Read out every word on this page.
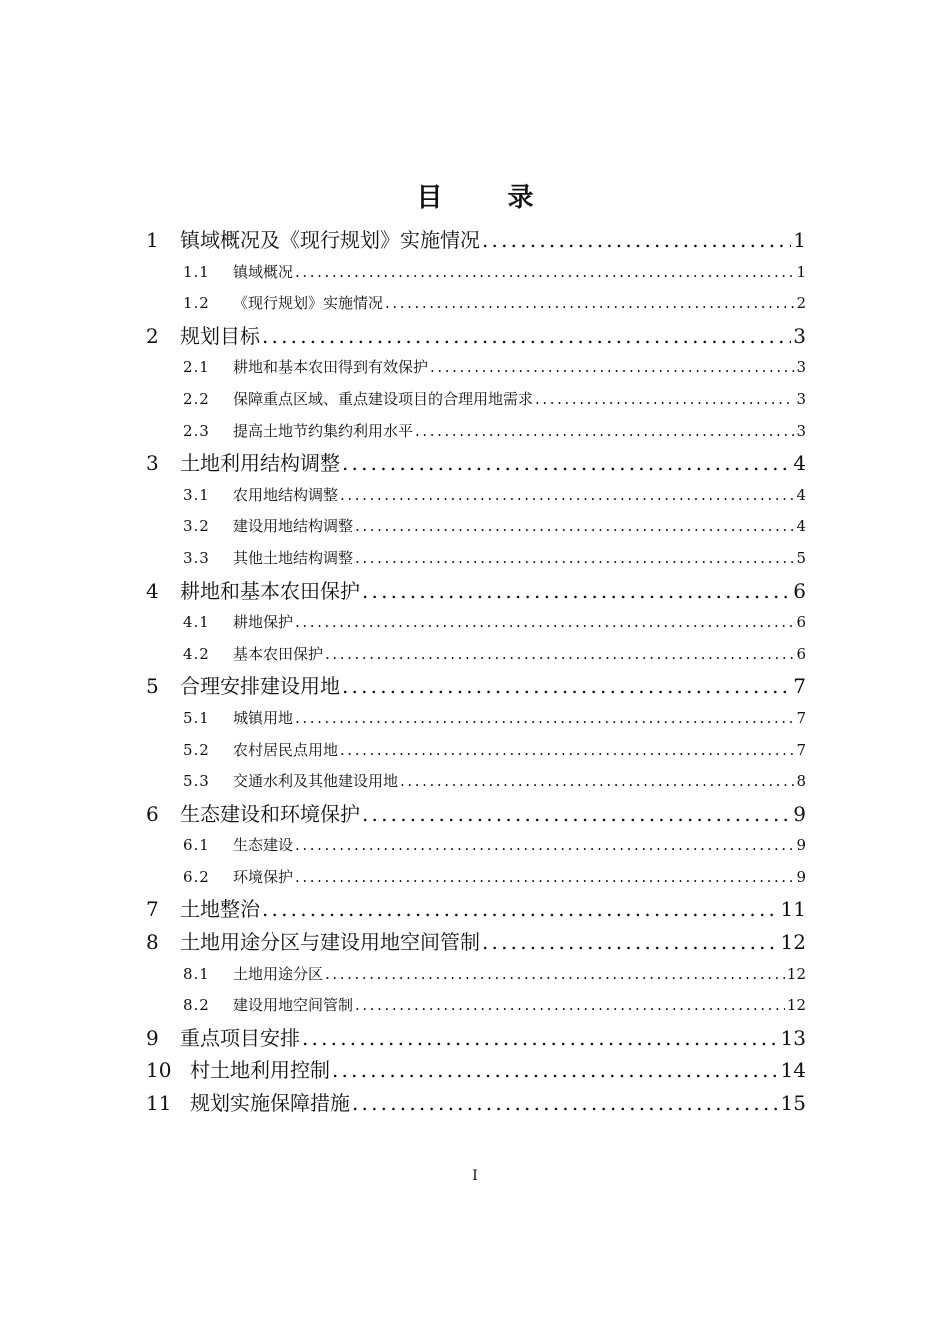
目 录
1	镇域概况及《现行规划》实施情况 .....	1
1.1	镇域概况 .....	1
1.2	《现行规划》实施情况 .....	2
2	规划目标 .....	3
2.1	耕地和基本农田得到有效保护 .....	3
2.2	保障重点区域、重点建设项目的合理用地需求 .....	3
2.3	提高土地节约集约利用水平 .....	3
3	土地利用结构调整 .....	4
3.1	农用地结构调整 .....	4
3.2	建设用地结构调整 .....	4
3.3	其他土地结构调整 .....	5
4	耕地和基本农田保护 .....	6
4.1	耕地保护 .....	6
4.2	基本农田保护 .....	6
5	合理安排建设用地 .....	7
5.1	城镇用地 .....	7
5.2	农村居民点用地 .....	7
5.3	交通水利及其他建设用地 .....	8
6	生态建设和环境保护 .....	9
6.1	生态建设 .....	9
6.2	环境保护 .....	9
7	土地整治 .....	11
8	土地用途分区与建设用地空间管制 .....	12
8.1	土地用途分区 .....	12
8.2	建设用地空间管制 .....	12
9	重点项目安排 .....	13
10 村土地利用控制 .....	14
11 规划实施保障措施 .....	15
I
